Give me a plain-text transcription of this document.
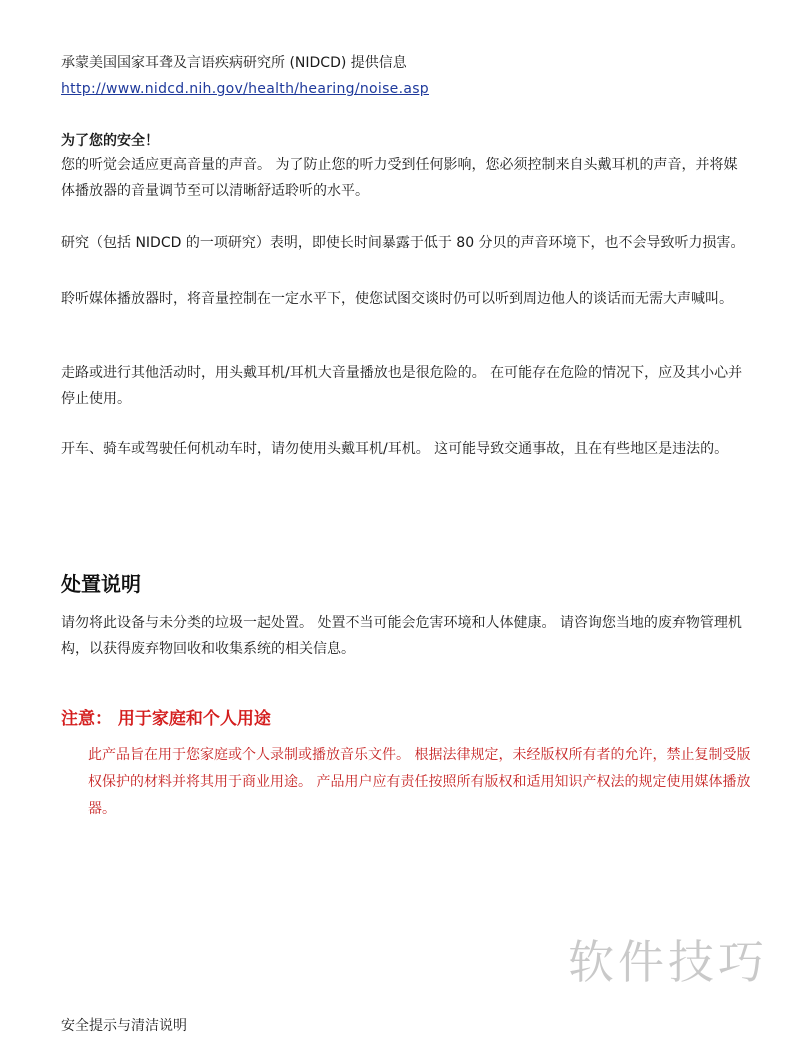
承蒙美国国家耳聋及言语疾病研究所 (NIDCD) 提供信息

http://www.nidcd.nih.gov/health/hearing/noise.asp

为了您的安全！

您的听觉会适应更高音量的声音。 为了防止您的听力受到任何影响，您必须控制来自头戴耳机的声音，并将媒体播放器的音量调节至可以清晰舒适聆听的水平。

研究（包括 NIDCD 的一项研究）表明，即使长时间暴露于低于 80 分贝的声音环境下，也不会导致听力损害。

聆听媒体播放器时，将音量控制在一定水平下，使您试图交谈时仍可以听到周边他人的谈话而无需大声喊叫。

走路或进行其他活动时，用头戴耳机/耳机大音量播放也是很危险的。 在可能存在危险的情况下，应及其小心并停止使用。

开车、骑车或驾驶任何机动车时，请勿使用头戴耳机/耳机。 这可能导致交通事故，且在有些地区是违法的。

处置说明

请勿将此设备与未分类的垃圾一起处置。 处置不当可能会危害环境和人体健康。 请咨询您当地的废弃物管理机构，以获得废弃物回收和收集系统的相关信息。

注意： 用于家庭和个人用途

此产品旨在用于您家庭或个人录制或播放音乐文件。 根据法律规定，未经版权所有者的允许，禁止复制受版权保护的材料并将其用于商业用途。 产品用户应有责任按照所有版权和适用知识产权法的规定使用媒体播放器。

软件技巧

安全提示与清洁说明
